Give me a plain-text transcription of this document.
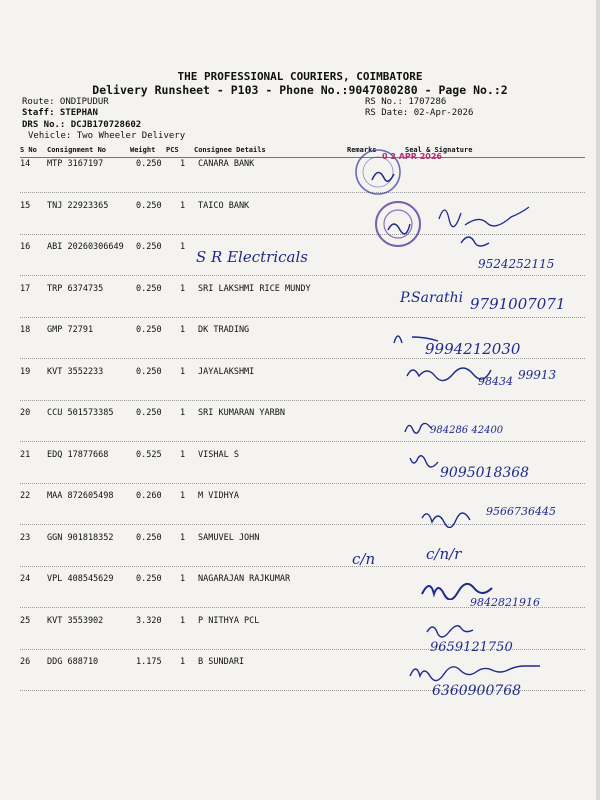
THE PROFESSIONAL COURIERS, COIMBATORE
Delivery Runsheet - P103 - Phone No.:9047080280 - Page No.:2
Route: ONDIPUDUR
Staff: STEPHAN
DRS No.: DCJB170728602
Vehicle: Two Wheeler Delivery
RS No.: 1707286
RS Date: 02-Apr-2026
S No Consignment No	Weight PCS Consignee Details	Remarks	Seal & Signature
14 MTP 3167197	0.250 1 CANARA BANK
15 TNJ 22923365	0.250 1 TAICO BANK
16 ABI 20260306649 0.250 1
17 TRP 6374735	0.250 1 SRI LAKSHMI RICE MUNDY
18 GMP 72791	0.250 1 DK TRADING
19 KVT 3552233	0.250 1 JAYALAKSHMI
20 CCU 501573385	0.250 1 SRI KUMARAN YARBN
21 EDQ 17877668	0.525 1 VISHAL S
22 MAA 872605498	0.260 1 M VIDHYA
23 GGN 901818352	0.250 1 SAMUVEL JOHN
24 VPL 408545629	0.250 1 NAGARAJAN RAJKUMAR
25 KVT 3553902	3.320 1 P NITHYA PCL
26 DDG 688710	1.175 1 B SUNDARI
0 2 APR 2026
S R Electricals	9524252115
P.Sarathi 9791007071
9994212030
98434 99913
984286 42400
9095018368
9566736445
c/n	c/n/r
9842821916
9659121750
6360900768
